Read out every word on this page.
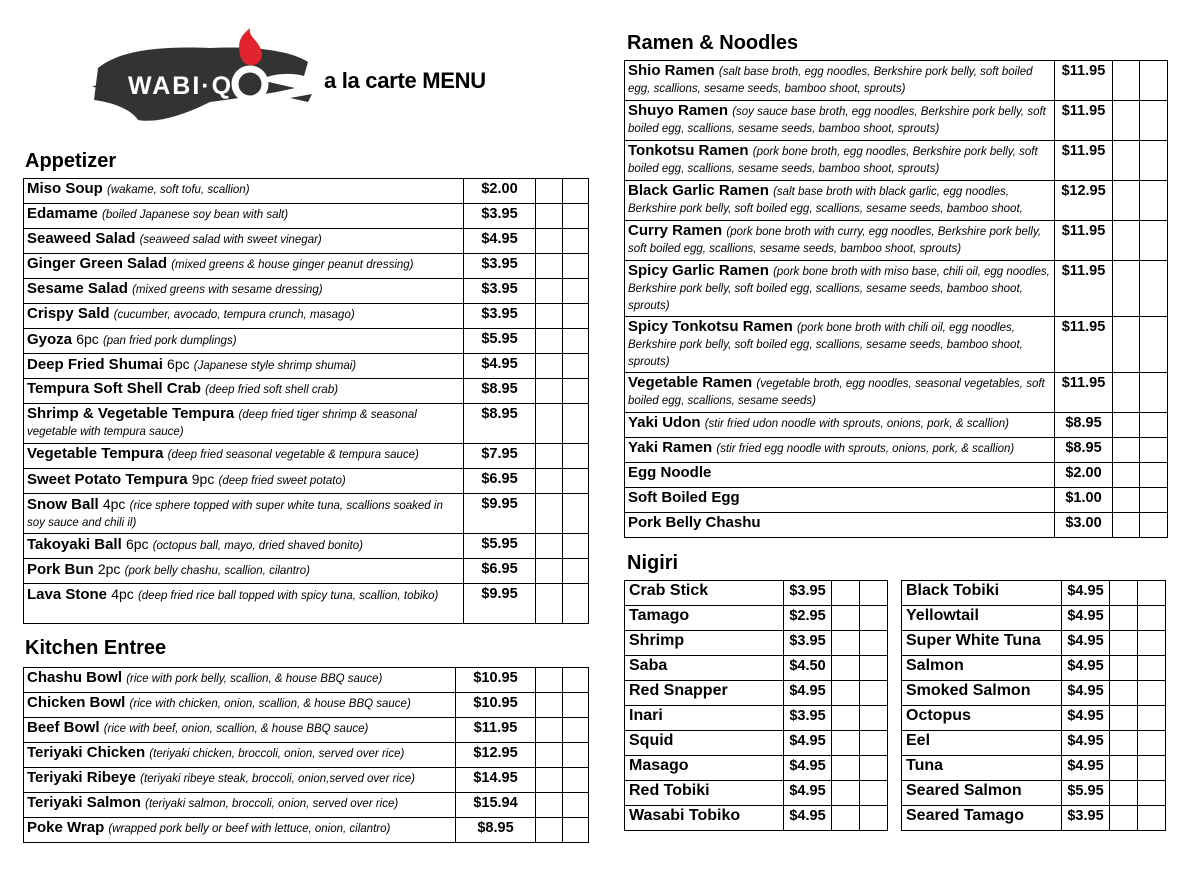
WABI·Q	a la carte MENU
Appetizer
Kitchen Entree
Ramen & Noodles
Nigiri
Miso Soup (wakame, soft tofu, scallion)	$2.00		
Edamame (boiled Japanese soy bean with salt)	$3.95		
Seaweed Salad (seaweed salad with sweet vinegar)	$4.95		
Ginger Green Salad (mixed greens & house ginger peanut dressing)	$3.95		
Sesame Salad (mixed greens with sesame dressing)	$3.95		
Crispy Sald (cucumber, avocado, tempura crunch, masago)	$3.95		
Gyoza 6pc (pan fried pork dumplings)	$5.95		
Deep Fried Shumai 6pc (Japanese style shrimp shumai)	$4.95		
Tempura Soft Shell Crab (deep fried soft shell crab)	$8.95		
Shrimp & Vegetable Tempura (deep fried tiger shrimp & seasonal vegetable with tempura sauce)	$8.95		
Vegetable Tempura (deep fried seasonal vegetable & tempura sauce)	$7.95		
Sweet Potato Tempura 9pc (deep fried sweet potato)	$6.95		
Snow Ball 4pc (rice sphere topped with super white tuna, scallions soaked in soy sauce and chili il)	$9.95		
Takoyaki Ball 6pc (octopus ball, mayo, dried shaved bonito)	$5.95		
Pork Bun 2pc (pork belly chashu, scallion, cilantro)	$6.95		
Lava Stone 4pc (deep fried rice ball topped with spicy tuna, scallion, tobiko)	$9.95		
Chashu Bowl (rice with pork belly, scallion, & house BBQ sauce)	$10.95		
Chicken Bowl (rice with chicken, onion, scallion, & house BBQ sauce)	$10.95		
Beef Bowl (rice with beef, onion, scallion, & house BBQ sauce)	$11.95		
Teriyaki Chicken (teriyaki chicken, broccoli, onion, served over rice)	$12.95		
Teriyaki Ribeye (teriyaki ribeye steak, broccoli, onion,served over rice)	$14.95		
Teriyaki Salmon (teriyaki salmon, broccoli, onion, served over rice)	$15.94		
Poke Wrap (wrapped pork belly or beef with lettuce, onion, cilantro)	$8.95		
Shio Ramen (salt base broth, egg noodles, Berkshire pork belly, soft boiled egg, scallions, sesame seeds, bamboo shoot, sprouts)	$11.95		
Shuyo Ramen (soy sauce base broth, egg noodles, Berkshire pork belly, soft boiled egg, scallions, sesame seeds, bamboo shoot, sprouts)	$11.95		
Tonkotsu Ramen (pork bone broth, egg noodles, Berkshire pork belly, soft boiled egg, scallions, sesame seeds, bamboo shoot, sprouts)	$11.95		
Black Garlic Ramen (salt base broth with black garlic, egg noodles, Berkshire pork belly, soft boiled egg, scallions, sesame seeds, bamboo shoot,	$12.95		
Curry Ramen (pork bone broth with curry, egg noodles, Berkshire pork belly, soft boiled egg, scallions, sesame seeds, bamboo shoot, sprouts)	$11.95		
Spicy Garlic Ramen (pork bone broth with miso base, chili oil, egg noodles, Berkshire pork belly, soft boiled egg, scallions, sesame seeds, bamboo shoot, sprouts)	$11.95		
Spicy Tonkotsu Ramen (pork bone broth with chili oil, egg noodles, Berkshire pork belly, soft boiled egg, scallions, sesame seeds, bamboo shoot, sprouts)	$11.95		
Vegetable Ramen (vegetable broth, egg noodles, seasonal vegetables, soft boiled egg, scallions, sesame seeds)	$11.95		
Yaki Udon (stir fried udon noodle with sprouts, onions, pork, & scallion)	$8.95		
Yaki Ramen (stir fried egg noodle with sprouts, onions, pork, & scallion)	$8.95		
Egg Noodle	$2.00		
Soft Boiled Egg	$1.00		
Pork Belly Chashu	$3.00		
Crab Stick	$3.95		
Tamago	$2.95		
Shrimp	$3.95		
Saba	$4.50		
Red Snapper	$4.95		
Inari	$3.95		
Squid	$4.95		
Masago	$4.95		
Red Tobiki	$4.95		
Wasabi Tobiko	$4.95		
Black Tobiki	$4.95		
Yellowtail	$4.95		
Super White Tuna	$4.95		
Salmon	$4.95		
Smoked Salmon	$4.95		
Octopus	$4.95		
Eel	$4.95		
Tuna	$4.95		
Seared Salmon	$5.95		
Seared Tamago	$3.95		
